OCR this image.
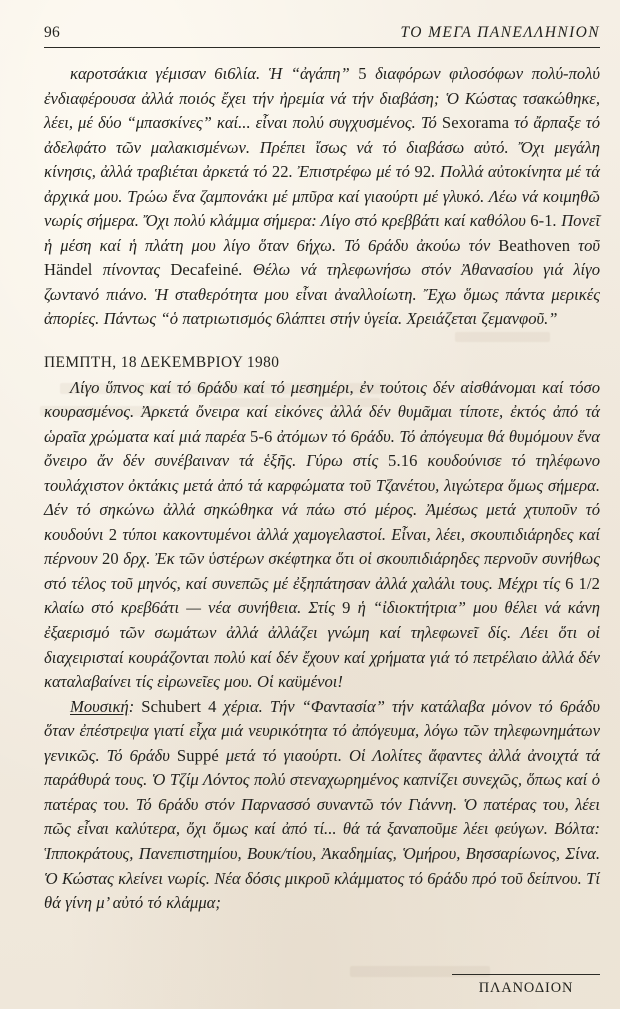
96	ΤΟ ΜΕΓΑ ΠΑΝΕΛΛΗΝΙΟΝ

καροτσάκια γέμισαν 6ι6λία. Ἡ “ἀγάπη” 5 διαφόρων φιλοσόφων πολύ-πολύ ἐνδιαφέρουσα ἀλλά ποιός ἔχει τήν ἠρεμία νά τήν διαβάση; Ὁ Κώστας τσακώθηκε, λέει, μέ δύο “μπασκίνες” καί... εἶναι πολύ συγχυσμένος. Τό Sexorama τό ἄρπαξε τό ἀδελφάτο τῶν μαλακισμένων. Πρέπει ἴσως νά τό διαβάσω αὐτό. Ὄχι μεγάλη κίνησις, ἀλλά τραβιέται ἀρκετά τό 22. Ἐπιστρέφω μέ τό 92. Πολλά αὐτοκίνητα μέ τά ἀρχικά μου. Τρώω ἕνα ζαμπονάκι μέ μπῦρα καί γιαούρτι μέ γλυκό. Λέω νά κοιμηθῶ νωρίς σήμερα. Ὄχι πολύ κλάμμα σήμερα: Λίγο στό κρεββάτι καί καθόλου 6-1. Πονεῖ ἡ μέση καί ἡ πλάτη μου λίγο ὅταν 6ήχω. Τό 6ράδυ ἀκούω τόν Beathoven τοῦ Händel πίνοντας Decafeiné. Θέλω νά τηλεφωνήσω στόν Ἀθανασίου γιά λίγο ζωντανό πιάνο. Ἡ σταθερότητα μου εἶναι ἀναλλοίωτη. Ἔχω ὅμως πάντα μερικές ἀπορίες. Πάντως “ὁ πατριωτισμός 6λάπτει στήν ὑγεία. Χρειάζεται ζεμανφοῦ.”

ΠΕΜΠΤΗ, 18 ΔΕΚΕΜΒΡΙΟΥ 1980

Λίγο ὕπνος καί τό 6ράδυ καί τό μεσημέρι, ἐν τούτοις δέν αἰσθάνομαι καί τόσο κουρασμένος. Ἀρκετά ὄνειρα καί εἰκόνες ἀλλά δέν θυμᾶμαι τίποτε, ἐκτός ἀπό τά ὡραῖα χρώματα καί μιά παρέα 5-6 ἀτόμων τό 6ράδυ. Τό ἀπόγευμα θά θυμόμουν ἕνα ὄνειρο ἄν δέν συνέβαιναν τά ἑξῆς. Γύρω στίς 5.16 κουδούνισε τό τηλέφωνο τουλάχιστον ὀκτάκις μετά ἀπό τά καρφώματα τοῦ Τζανέτου, λιγώτερα ὅμως σήμερα. Δέν τό σηκώνω ἀλλά σηκώθηκα νά πάω στό μέρος. Ἀμέσως μετά χτυποῦν τό κουδούνι 2 τύποι κακοντυμένοι ἀλλά χαμογελαστοί. Εἶναι, λέει, σκουπιδιάρηδες καί πέρνουν 20 δρχ. Ἐκ τῶν ὑστέρων σκέφτηκα ὅτι οἱ σκουπιδιάρηδες περνοῦν συνήθως στό τέλος τοῦ μηνός, καί συνεπῶς μέ ἐξηπάτησαν ἀλλά χαλάλι τους. Μέχρι τίς 6 1/2 κλαίω στό κρεβ6άτι — νέα συνήθεια. Στίς 9 ἡ “ἰδιοκτήτρια” μου θέλει νά κάνη ἐξαερισμό τῶν σωμάτων ἀλλά ἀλλάζει γνώμη καί τηλεφωνεῖ δίς. Λέει ὅτι οἱ διαχειρισταί κουράζονται πολύ καί δέν ἔχουν καί χρήματα γιά τό πετρέλαιο ἀλλά δέν καταλαβαίνει τίς εἰρωνεῖες μου. Οἱ καϋμένοι!

Μουσική: Schubert 4 χέρια. Τήν “Φαντασία” τήν κατάλαβα μόνον τό 6ράδυ ὅταν ἐπέστρεψα γιατί εἶχα μιά νευρικότητα τό ἀπόγευμα, λόγω τῶν τηλεφωνημάτων γενικῶς. Τό 6ράδυ Suppé μετά τό γιαούρτι. Οἱ Λολίτες ἄφαντες ἀλλά ἀνοιχτά τά παράθυρά τους. Ὁ Τζίμ Λόντος πολύ στεναχωρημένος καπνίζει συνεχῶς, ὅπως καί ὁ πατέρας του. Τό 6ράδυ στόν Παρνασσό συναντῶ τόν Γιάννη. Ὁ πατέρας του, λέει πῶς εἶναι καλύτερα, ὄχι ὅμως καί ἀπό τί... θά τά ξαναποῦμε λέει φεύγων. Βόλτα: Ἱπποκράτους, Πανεπιστημίου, Βουκ/τίου, Ἀκαδημίας, Ὁμήρου, Βησσαρίωνος, Σίνα. Ὁ Κώστας κλείνει νωρίς. Νέα δόσις μικροῦ κλάμματος τό 6ράδυ πρό τοῦ δείπνου. Τί θά γίνη μ’ αὐτό τό κλάμμα;

ΠΛΑΝΟΔΙΟΝ
